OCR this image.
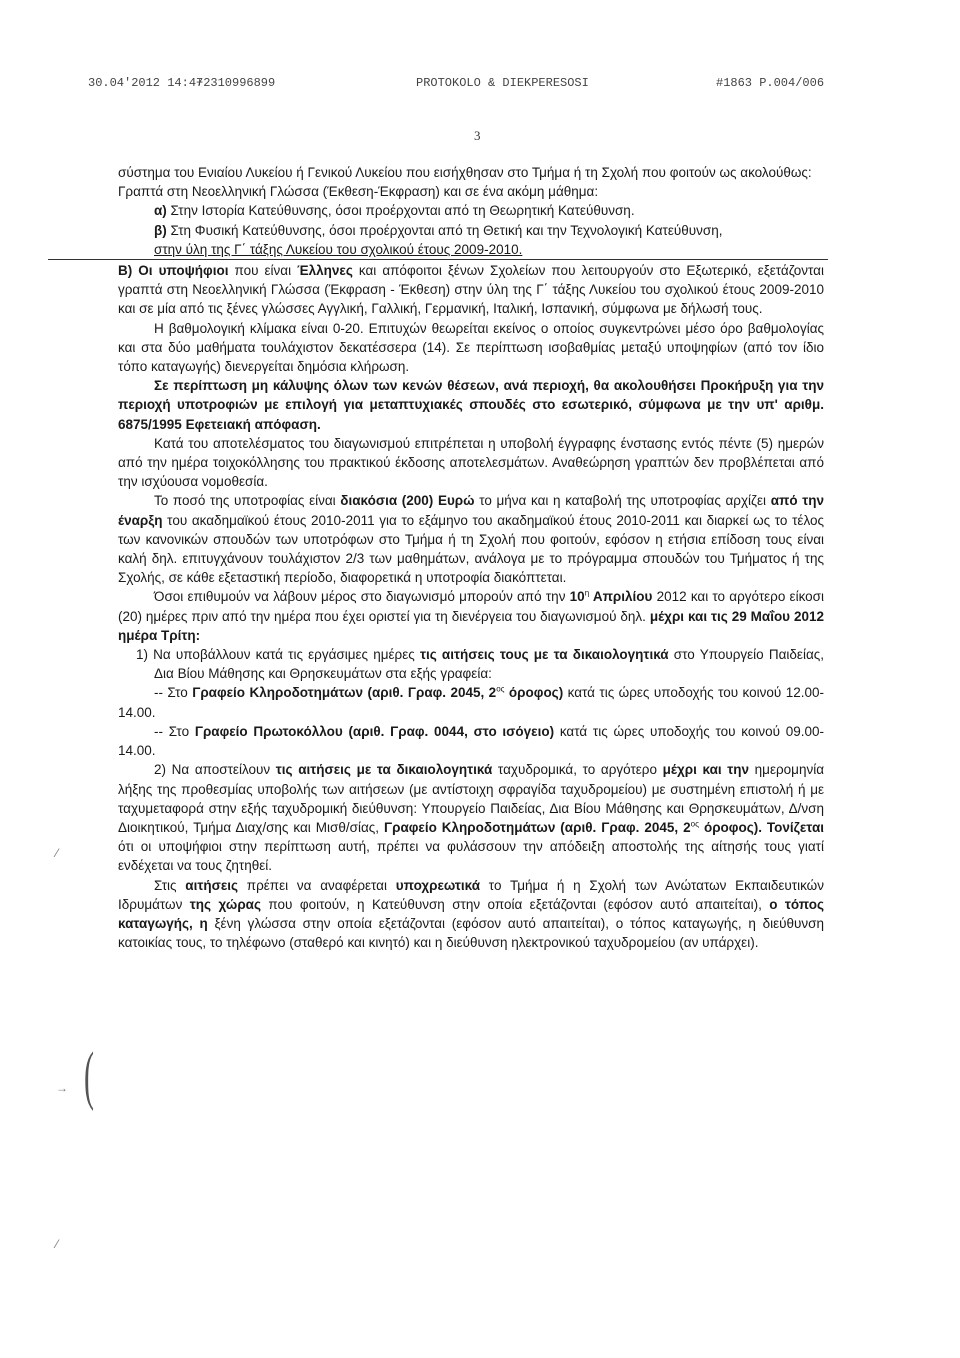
30.04'2012 14:47
+2310996899	PROTOKOLO & DIEKPERESOSI	#1863 P.004/006
3
(
→
⁄
⁄

σύστημα του Ενιαίου Λυκείου ή Γενικού Λυκείου που εισήχθησαν στο Τμήμα ή τη Σχολή που φοιτούν ως ακολούθως:

Γραπτά στη Νεοελληνική Γλώσσα (Έκθεση-Έκφραση) και σε ένα ακόμη μάθημα:

α) Στην Ιστορία Κατεύθυνσης, όσοι προέρχονται από τη Θεωρητική Κατεύθυνση.

β) Στη Φυσική Κατεύθυνσης, όσοι προέρχονται από τη Θετική και την Τεχνολογική Κατεύθυνση,

στην ύλη της Γ΄ τάξης Λυκείου του σχολικού έτους 2009-2010.

Β) Οι υποψήφιοι που είναι Έλληνες και απόφοιτοι ξένων Σχολείων που λειτουργούν στο Εξωτερικό, εξετάζονται γραπτά στη Νεοελληνική Γλώσσα (Έκφραση - Έκθεση) στην ύλη της Γ΄ τάξης Λυκείου του σχολικού έτους 2009-2010 και σε μία από τις ξένες γλώσσες Αγγλική, Γαλλική, Γερμανική, Ιταλική, Ισπανική, σύμφωνα με δήλωσή τους.

Η βαθμολογική κλίμακα είναι 0-20. Επιτυχών θεωρείται εκείνος ο οποίος συγκεντρώνει μέσο όρο βαθμολογίας και στα δύο μαθήματα τουλάχιστον δεκατέσσερα (14). Σε περίπτωση ισοβαθμίας μεταξύ υποψηφίων (από τον ίδιο τόπο καταγωγής) διενεργείται δημόσια κλήρωση.

Σε περίπτωση μη κάλυψης όλων των κενών θέσεων, ανά περιοχή, θα ακολουθήσει Προκήρυξη για την περιοχή υποτροφιών με επιλογή για μεταπτυχιακές σπουδές στο εσωτερικό, σύμφωνα με την υπ' αριθμ. 6875/1995 Εφετειακή απόφαση.

Κατά του αποτελέσματος του διαγωνισμού επιτρέπεται η υποβολή έγγραφης ένστασης εντός πέντε (5) ημερών από την ημέρα τοιχοκόλλησης του πρακτικού έκδοσης αποτελεσμάτων. Αναθεώρηση γραπτών δεν προβλέπεται από την ισχύουσα νομοθεσία.

Το ποσό της υποτροφίας είναι διακόσια (200) Ευρώ το μήνα και η καταβολή της υποτροφίας αρχίζει από την έναρξη του ακαδημαϊκού έτους 2010-2011 για το εξάμηνο του ακαδημαϊκού έτους 2010-2011 και διαρκεί ως το τέλος των κανονικών σπουδών των υποτρόφων στο Τμήμα ή τη Σχολή που φοιτούν, εφόσον η ετήσια επίδοση τους είναι καλή δηλ. επιτυγχάνουν τουλάχιστον 2/3 των μαθημάτων, ανάλογα με το πρόγραμμα σπουδών του Τμήματος ή της Σχολής, σε κάθε εξεταστική περίοδο, διαφορετικά η υποτροφία διακόπτεται.

Όσοι επιθυμούν να λάβουν μέρος στο διαγωνισμό μπορούν από την $10^\eta$ Απριλίου 2012 και το αργότερο είκοσι (20) ημέρες πριν από την ημέρα που έχει οριστεί για τη διενέργεια του διαγωνισμού δηλ. μέχρι και τις 29 Μαΐου 2012 ημέρα Τρίτη:

1) Να υποβάλλουν κατά τις εργάσιμες ημέρες τις αιτήσεις τους με τα δικαιολογητικά στο Υπουργείο Παιδείας, Δια Βίου Μάθησης και Θρησκευμάτων στα εξής γραφεία:

-- Στο Γραφείο Κληροδοτημάτων (αριθ. Γραφ. 2045, $2^{o\varsigma}$ όροφος) κατά τις ώρες υποδοχής του κοινού 12.00-14.00.

-- Στο Γραφείο Πρωτοκόλλου (αριθ. Γραφ. 0044, στο ισόγειο) κατά τις ώρες υποδοχής του κοινού 09.00-14.00.

2) Να αποστείλουν τις αιτήσεις με τα δικαιολογητικά ταχυδρομικά, το αργότερο μέχρι και την ημερομηνία λήξης της προθεσμίας υποβολής των αιτήσεων (με αντίστοιχη σφραγίδα ταχυδρομείου) με συστημένη επιστολή ή με ταχυμεταφορά στην εξής ταχυδρομική διεύθυνση: Υπουργείο Παιδείας, Δια Βίου Μάθησης και Θρησκευμάτων, Δ/νση Διοικητικού, Τμήμα Διαχ/σης και Μισθ/σίας, Γραφείο Κληροδοτημάτων (αριθ. Γραφ. 2045, $2^{o\varsigma}$ όροφος). Τονίζεται ότι οι υποψήφιοι στην περίπτωση αυτή, πρέπει να φυλάσσουν την απόδειξη αποστολής της αίτησής τους γιατί ενδέχεται να τους ζητηθεί.

Στις αιτήσεις πρέπει να αναφέρεται υποχρεωτικά το Τμήμα ή η Σχολή των Ανώτατων Εκπαιδευτικών Ιδρυμάτων της χώρας που φοιτούν, η Κατεύθυνση στην οποία εξετάζονται (εφόσον αυτό απαιτείται), ο τόπος καταγωγής, η ξένη γλώσσα στην οποία εξετάζονται (εφόσον αυτό απαιτείται), ο τόπος καταγωγής, η διεύθυνση κατοικίας τους, το τηλέφωνο (σταθερό και κινητό) και η διεύθυνση ηλεκτρονικού ταχυδρομείου (αν υπάρχει).
